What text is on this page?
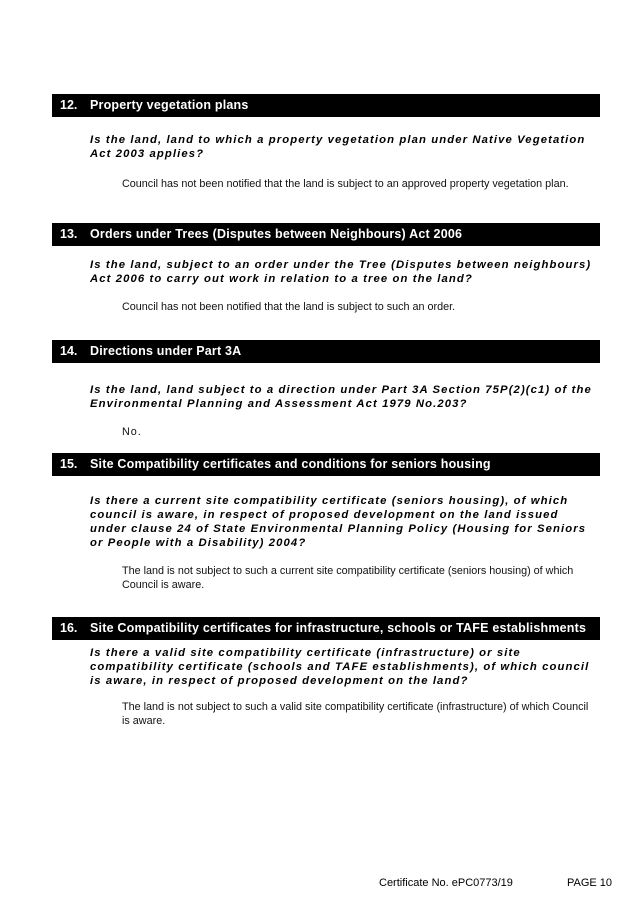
12.	Property vegetation plans
Is the land, land to which a property vegetation plan under Native Vegetation Act 2003 applies?
Council has not been notified that the land is subject to an approved property vegetation plan.
13.	Orders under Trees (Disputes between Neighbours) Act 2006
Is the land, subject to an order under the Tree (Disputes between neighbours) Act 2006 to carry out work in relation to a tree on the land?
Council has not been notified that the land is subject to such an order.
14.	Directions under Part 3A
Is the land, land subject to a direction under Part 3A Section 75P(2)(c1) of the Environmental Planning and Assessment Act 1979 No.203?
No.
15.	Site Compatibility certificates and conditions for seniors housing
Is there a current site compatibility certificate (seniors housing), of which council is aware, in respect of proposed development on the land issued under clause 24 of State Environmental Planning Policy (Housing for Seniors or People with a Disability) 2004?
The land is not subject to such a current site compatibility certificate (seniors housing) of which Council is aware.
16.	Site Compatibility certificates for infrastructure, schools or TAFE establishments
Is there a valid site compatibility certificate (infrastructure) or site compatibility certificate (schools and TAFE establishments), of which council is aware, in respect of proposed development on the land?
The land is not subject to such a valid site compatibility certificate (infrastructure) of which Council is aware.
Certificate No. ePC0773/19	PAGE 10
